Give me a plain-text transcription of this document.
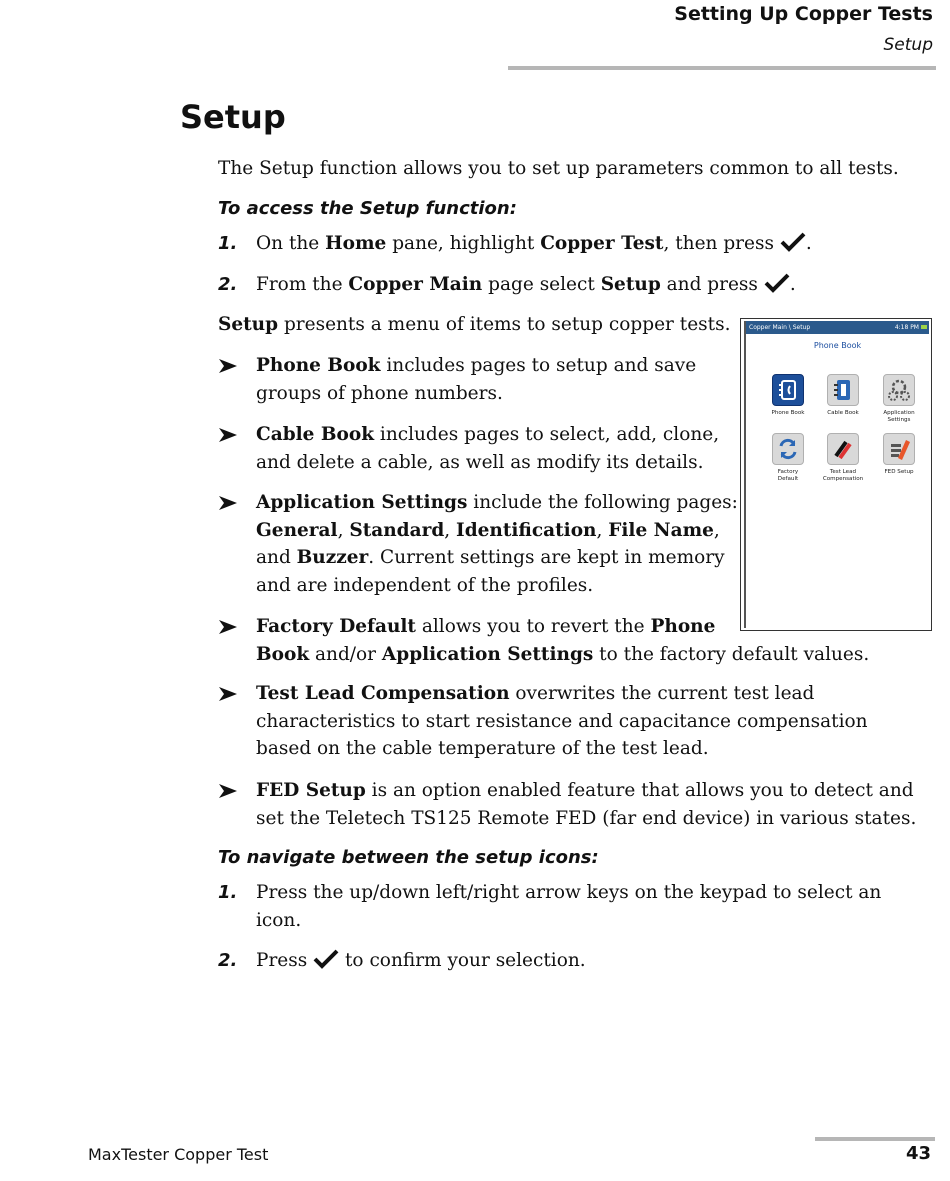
Setting Up Copper Tests
Setup
Setup
The Setup function allows you to set up parameters common to all tests.
To access the Setup function:
1. On the Home pane, highlight Copper Test, then press .
2. From the Copper Main page select Setup and press .
Setup presents a menu of items to setup copper tests.
Phone Book includes pages to setup and save
groups of phone numbers.
Cable Book includes pages to select, add, clone,
and delete a cable, as well as modify its details.
Application Settings include the following pages:
General, Standard, Identification, File Name,
and Buzzer. Current settings are kept in memory
and are independent of the profiles.
Factory Default allows you to revert the Phone
Book and/or Application Settings to the factory default values.
Test Lead Compensation overwrites the current test lead
characteristics to start resistance and capacitance compensation
based on the cable temperature of the test lead.
FED Setup is an option enabled feature that allows you to detect and
set the Teletech TS125 Remote FED (far end device) in various states.
To navigate between the setup icons:
1. Press the up/down left/right arrow keys on the keypad to select an
icon.
2. Press  to confirm your selection.
Copper Main \ Setup	4:18 PM
Phone Book
Phone Book	Cable Book	Application
Settings
Factory
Default
Test Lead
Compensation
FED Setup
MaxTester Copper Test	43
